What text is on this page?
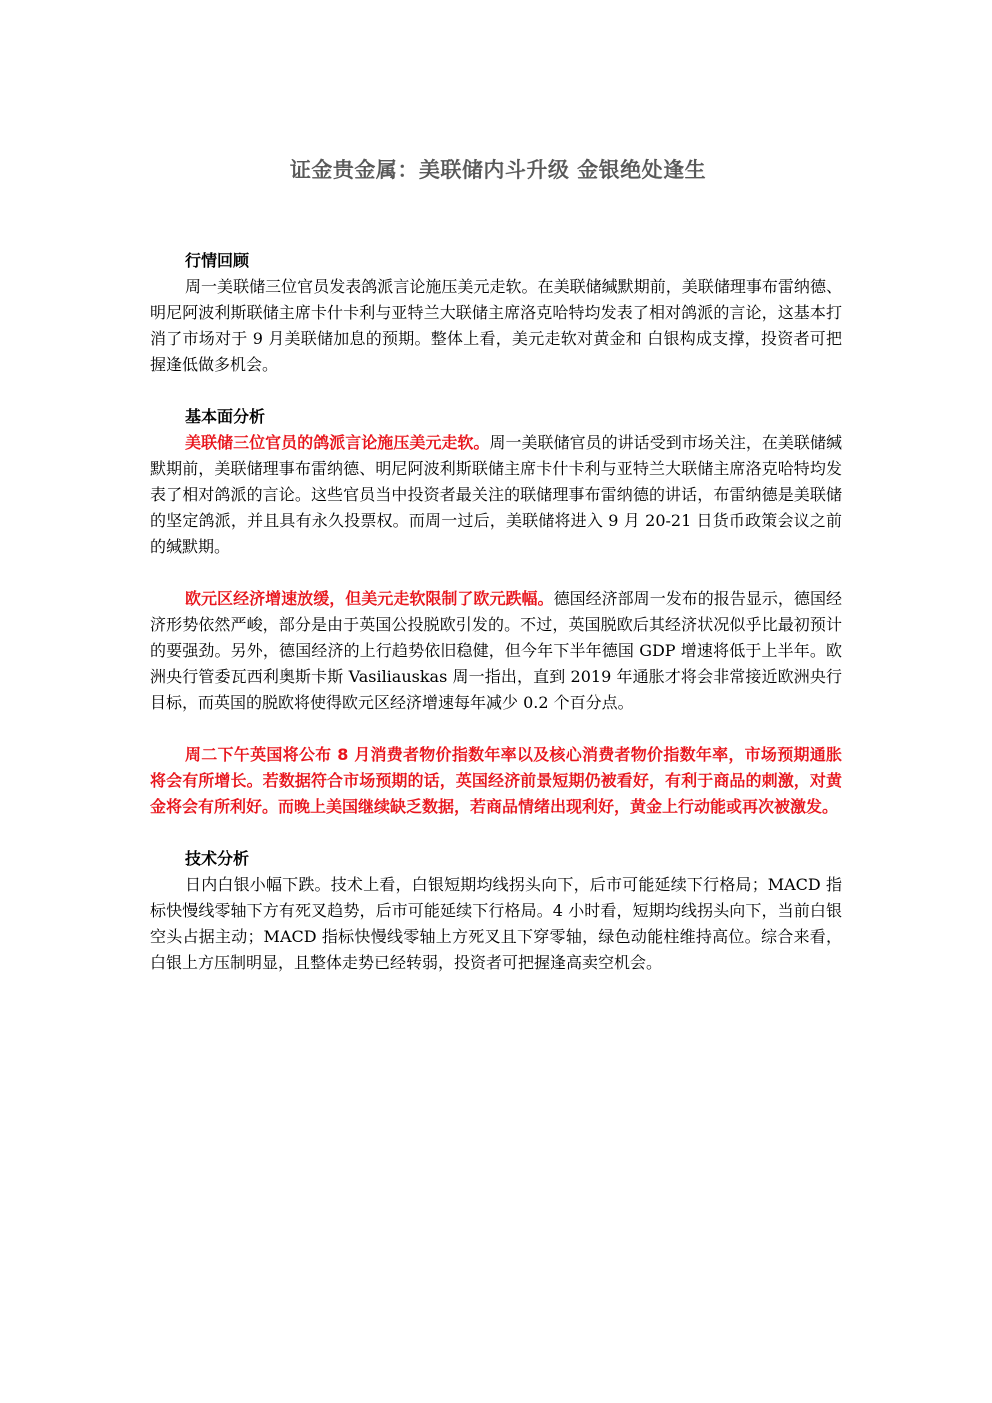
证金贵金属：美联储内斗升级 金银绝处逢生

行情回顾

周一美联储三位官员发表鸽派言论施压美元走软。在美联储缄默期前，美联储理事布雷纳德、明尼阿波利斯联储主席卡什卡利与亚特兰大联储主席洛克哈特均发表了相对鸽派的言论，这基本打消了市场对于 9 月美联储加息的预期。整体上看，美元走软对黄金和 白银构成支撑，投资者可把握逢低做多机会。

基本面分析

美联储三位官员的鸽派言论施压美元走软。周一美联储官员的讲话受到市场关注，在美联储缄默期前，美联储理事布雷纳德、明尼阿波利斯联储主席卡什卡利与亚特兰大联储主席洛克哈特均发表了相对鸽派的言论。这些官员当中投资者最关注的联储理事布雷纳德的讲话，布雷纳德是美联储的坚定鸽派，并且具有永久投票权。而周一过后，美联储将进入 9 月 20-21 日货币政策会议之前的缄默期。

欧元区经济增速放缓，但美元走软限制了欧元跌幅。德国经济部周一发布的报告显示，德国经济形势依然严峻，部分是由于英国公投脱欧引发的。不过，英国脱欧后其经济状况似乎比最初预计的要强劲。另外，德国经济的上行趋势依旧稳健，但今年下半年德国 GDP 增速将低于上半年。欧洲央行管委瓦西利奥斯卡斯 Vasiliauskas 周一指出，直到 2019 年通胀才将会非常接近欧洲央行目标，而英国的脱欧将使得欧元区经济增速每年减少 0.2 个百分点。

周二下午英国将公布 8 月消费者物价指数年率以及核心消费者物价指数年率，市场预期通胀将会有所增长。若数据符合市场预期的话，英国经济前景短期仍被看好，有利于商品的刺激，对黄金将会有所利好。而晚上美国继续缺乏数据，若商品情绪出现利好，黄金上行动能或再次被激发。

技术分析

日内白银小幅下跌。技术上看，白银短期均线拐头向下，后市可能延续下行格局；MACD 指标快慢线零轴下方有死叉趋势，后市可能延续下行格局。4 小时看，短期均线拐头向下，当前白银空头占据主动；MACD 指标快慢线零轴上方死叉且下穿零轴，绿色动能柱维持高位。综合来看，白银上方压制明显，且整体走势已经转弱，投资者可把握逢高卖空机会。
